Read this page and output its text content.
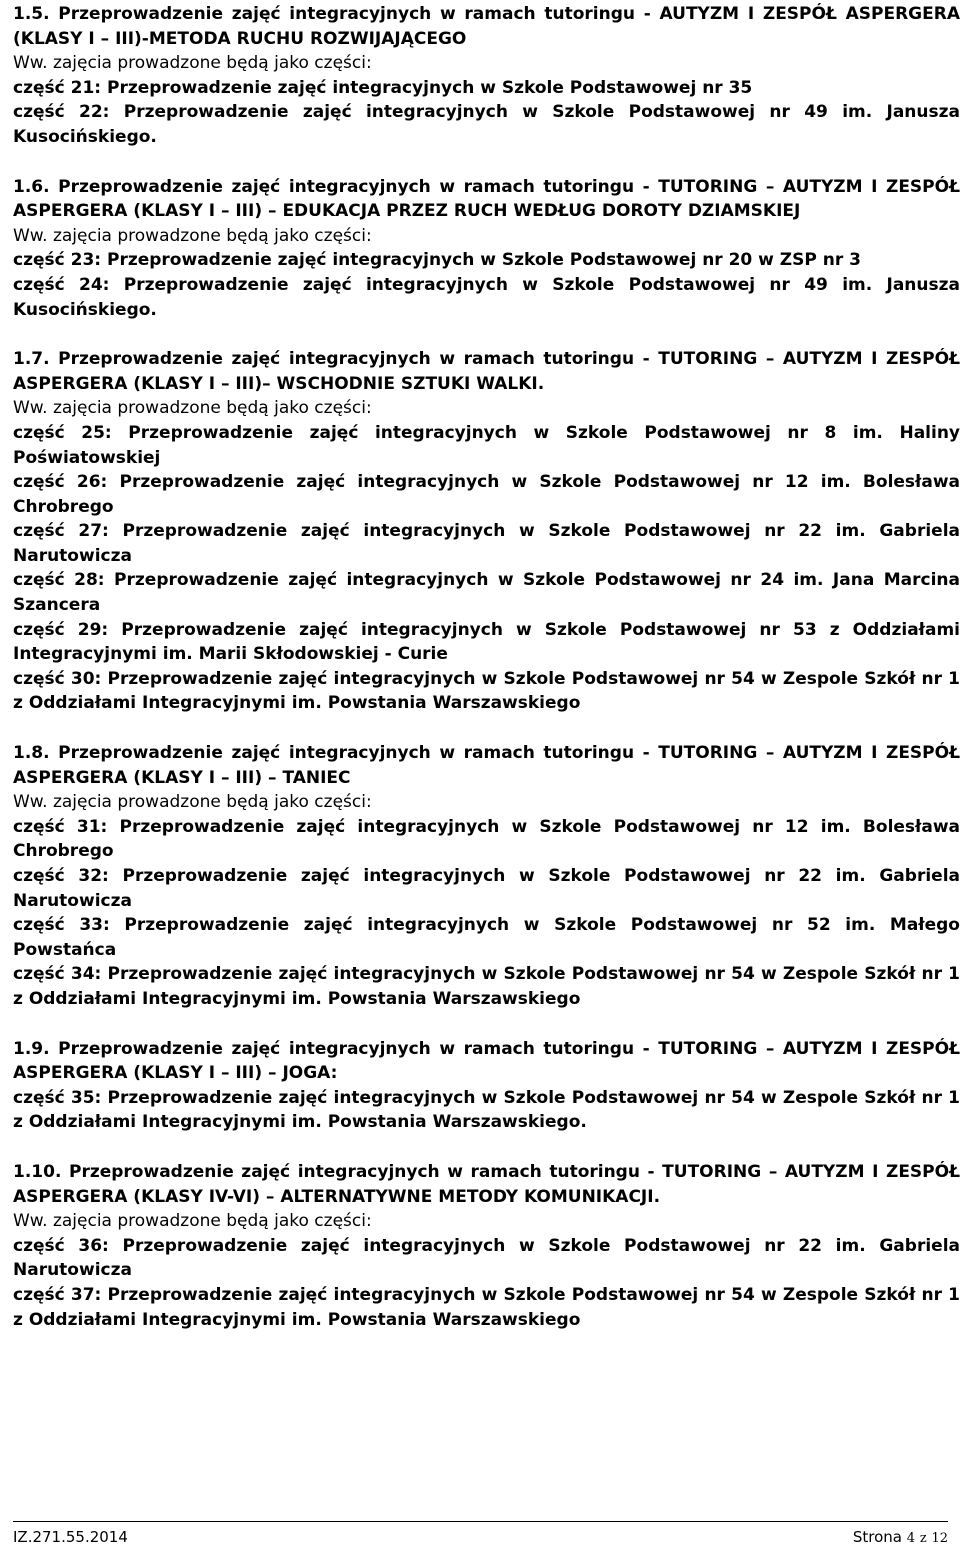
1.5. Przeprowadzenie zajęć integracyjnych w ramach tutoringu - AUTYZM I ZESPÓŁ ASPERGERA (KLASY I – III)-METODA RUCHU ROZWIJAJĄCEGO

Ww. zajęcia prowadzone będą jako części:

część 21: Przeprowadzenie zajęć integracyjnych w Szkole Podstawowej nr 35

część 22: Przeprowadzenie zajęć integracyjnych w Szkole Podstawowej nr 49 im. Janusza Kusocińskiego.

1.6. Przeprowadzenie zajęć integracyjnych w ramach tutoringu - TUTORING – AUTYZM I ZESPÓŁ ASPERGERA (KLASY I – III) – EDUKACJA PRZEZ RUCH WEDŁUG DOROTY DZIAMSKIEJ

Ww. zajęcia prowadzone będą jako części:

część 23: Przeprowadzenie zajęć integracyjnych w Szkole Podstawowej nr 20 w ZSP nr 3

część 24: Przeprowadzenie zajęć integracyjnych w Szkole Podstawowej nr 49 im. Janusza Kusocińskiego.

1.7. Przeprowadzenie zajęć integracyjnych w ramach tutoringu - TUTORING – AUTYZM I ZESPÓŁ ASPERGERA (KLASY I – III)– WSCHODNIE SZTUKI WALKI.

Ww. zajęcia prowadzone będą jako części:

część 25: Przeprowadzenie zajęć integracyjnych w Szkole Podstawowej nr 8 im. Haliny Poświatowskiej

część 26: Przeprowadzenie zajęć integracyjnych w Szkole Podstawowej nr 12 im. Bolesława Chrobrego

część 27: Przeprowadzenie zajęć integracyjnych w Szkole Podstawowej nr 22 im. Gabriela Narutowicza

część 28: Przeprowadzenie zajęć integracyjnych w Szkole Podstawowej nr 24 im. Jana Marcina Szancera

część 29: Przeprowadzenie zajęć integracyjnych w Szkole Podstawowej nr 53 z Oddziałami Integracyjnymi im. Marii Skłodowskiej - Curie

część 30: Przeprowadzenie zajęć integracyjnych w Szkole Podstawowej nr 54 w Zespole Szkół nr 1 z Oddziałami Integracyjnymi im. Powstania Warszawskiego

1.8. Przeprowadzenie zajęć integracyjnych w ramach tutoringu - TUTORING – AUTYZM I ZESPÓŁ ASPERGERA (KLASY I – III) – TANIEC

Ww. zajęcia prowadzone będą jako części:

część 31: Przeprowadzenie zajęć integracyjnych w Szkole Podstawowej nr 12 im. Bolesława Chrobrego

część 32: Przeprowadzenie zajęć integracyjnych w Szkole Podstawowej nr 22 im. Gabriela Narutowicza

część 33: Przeprowadzenie zajęć integracyjnych w Szkole Podstawowej nr 52 im. Małego Powstańca

część 34: Przeprowadzenie zajęć integracyjnych w Szkole Podstawowej nr 54 w Zespole Szkół nr 1 z Oddziałami Integracyjnymi im. Powstania Warszawskiego

1.9. Przeprowadzenie zajęć integracyjnych w ramach tutoringu - TUTORING – AUTYZM I ZESPÓŁ ASPERGERA (KLASY I – III) – JOGA:

część 35: Przeprowadzenie zajęć integracyjnych w Szkole Podstawowej nr 54 w Zespole Szkół nr 1 z Oddziałami Integracyjnymi im. Powstania Warszawskiego.

1.10. Przeprowadzenie zajęć integracyjnych w ramach tutoringu - TUTORING – AUTYZM I ZESPÓŁ ASPERGERA (KLASY IV-VI) – ALTERNATYWNE METODY KOMUNIKACJI.

Ww. zajęcia prowadzone będą jako części:

część 36: Przeprowadzenie zajęć integracyjnych w Szkole Podstawowej nr 22 im. Gabriela Narutowicza

część 37: Przeprowadzenie zajęć integracyjnych w Szkole Podstawowej nr 54 w Zespole Szkół nr 1 z Oddziałami Integracyjnymi im. Powstania Warszawskiego

IZ.271.55.2014	Strona 4 z 12
